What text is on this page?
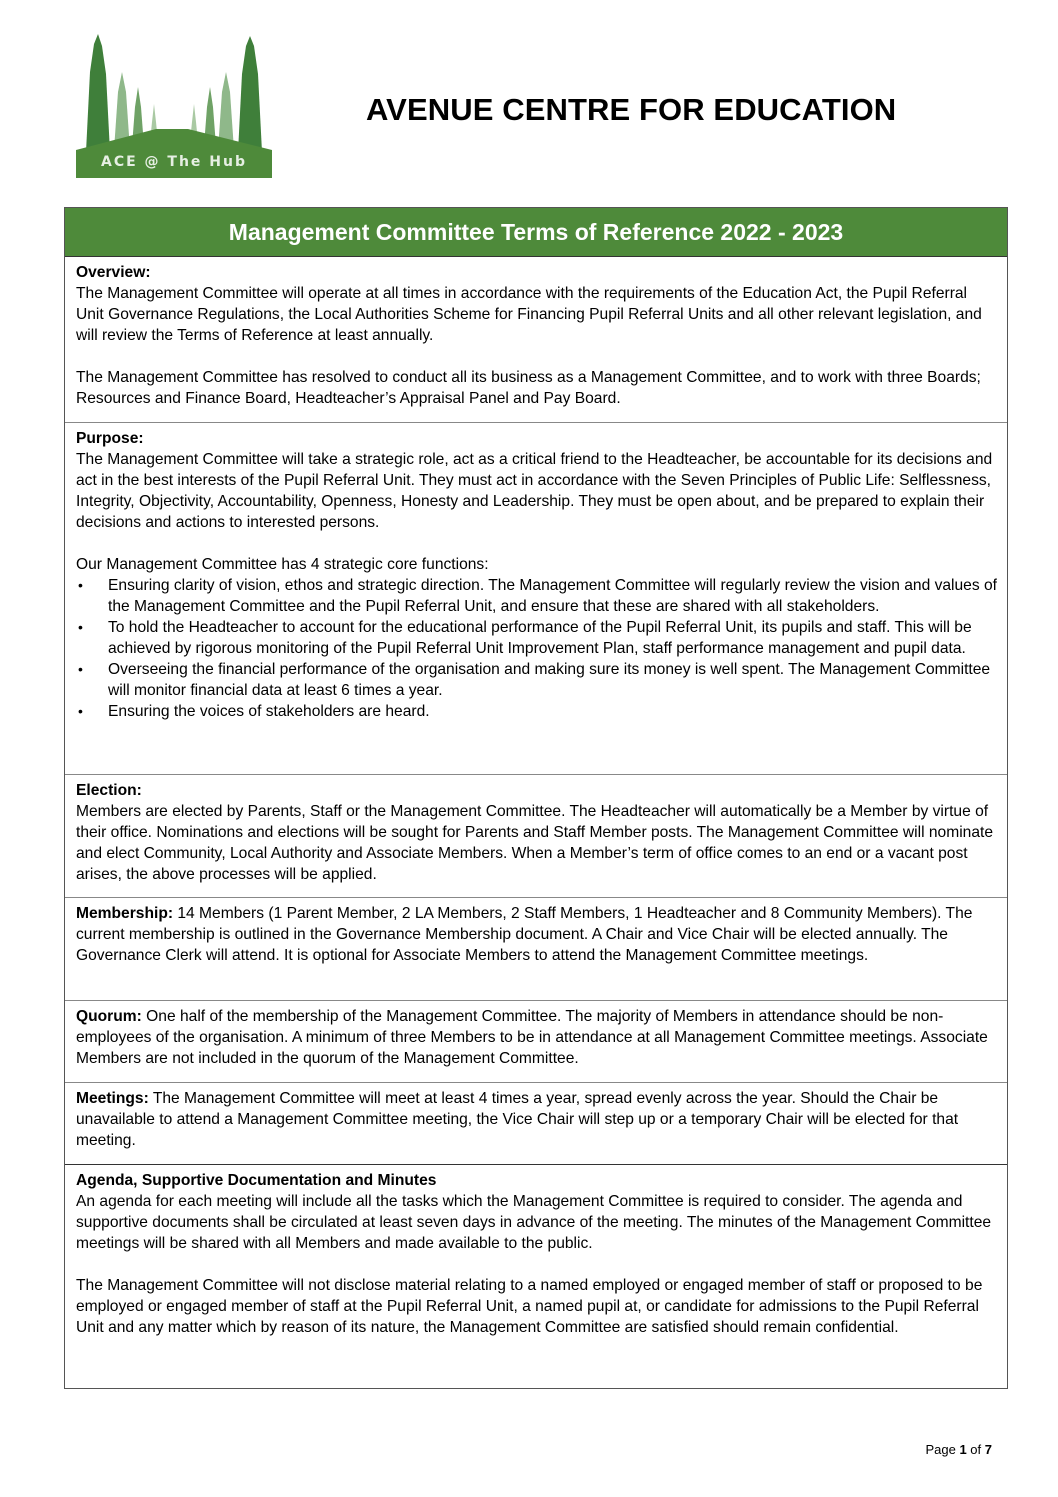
ACE @ The Hub
AVENUE CENTRE FOR EDUCATION
Management Committee Terms of Reference 2022 - 2023
Overview:

The Management Committee will operate at all times in accordance with the requirements of the Education Act, the Pupil Referral Unit Governance Regulations, the Local Authorities Scheme for Financing Pupil Referral Units and all other relevant legislation, and will review the Terms of Reference at least annually.

The Management Committee has resolved to conduct all its business as a Management Committee, and to work with three Boards; Resources and Finance Board, Headteacher’s Appraisal Panel and Pay Board.

Purpose:

The Management Committee will take a strategic role, act as a critical friend to the Headteacher, be accountable for its decisions and act in the best interests of the Pupil Referral Unit. They must act in accordance with the Seven Principles of Public Life: Selflessness, Integrity, Objectivity, Accountability, Openness, Honesty and Leadership. They must be open about, and be prepared to explain their decisions and actions to interested persons.

Our Management Committee has 4 strategic core functions:

• Ensuring clarity of vision, ethos and strategic direction. The Management Committee will regularly review the vision and values of the Management Committee and the Pupil Referral Unit, and ensure that these are shared with all stakeholders.
• To hold the Headteacher to account for the educational performance of the Pupil Referral Unit, its pupils and staff. This will be achieved by rigorous monitoring of the Pupil Referral Unit Improvement Plan, staff performance management and pupil data.
• Overseeing the financial performance of the organisation and making sure its money is well spent. The Management Committee will monitor financial data at least 6 times a year.
• Ensuring the voices of stakeholders are heard.
Election:

Members are elected by Parents, Staff or the Management Committee. The Headteacher will automatically be a Member by virtue of their office. Nominations and elections will be sought for Parents and Staff Member posts. The Management Committee will nominate and elect Community, Local Authority and Associate Members. When a Member’s term of office comes to an end or a vacant post arises, the above processes will be applied.

Membership: 14 Members (1 Parent Member, 2 LA Members, 2 Staff Members, 1 Headteacher and 8 Community Members). The current membership is outlined in the Governance Membership document. A Chair and Vice Chair will be elected annually. The Governance Clerk will attend. It is optional for Associate Members to attend the Management Committee meetings.

Quorum: One half of the membership of the Management Committee. The majority of Members in attendance should be non-employees of the organisation. A minimum of three Members to be in attendance at all Management Committee meetings. Associate Members are not included in the quorum of the Management Committee.

Meetings: The Management Committee will meet at least 4 times a year, spread evenly across the year. Should the Chair be unavailable to attend a Management Committee meeting, the Vice Chair will step up or a temporary Chair will be elected for that meeting.

Agenda, Supportive Documentation and Minutes

An agenda for each meeting will include all the tasks which the Management Committee is required to consider. The agenda and supportive documents shall be circulated at least seven days in advance of the meeting. The minutes of the Management Committee meetings will be shared with all Members and made available to the public.

The Management Committee will not disclose material relating to a named employed or engaged member of staff or proposed to be employed or engaged member of staff at the Pupil Referral Unit, a named pupil at, or candidate for admissions to the Pupil Referral Unit and any matter which by reason of its nature, the Management Committee are satisfied should remain confidential.

Page 1 of 7
